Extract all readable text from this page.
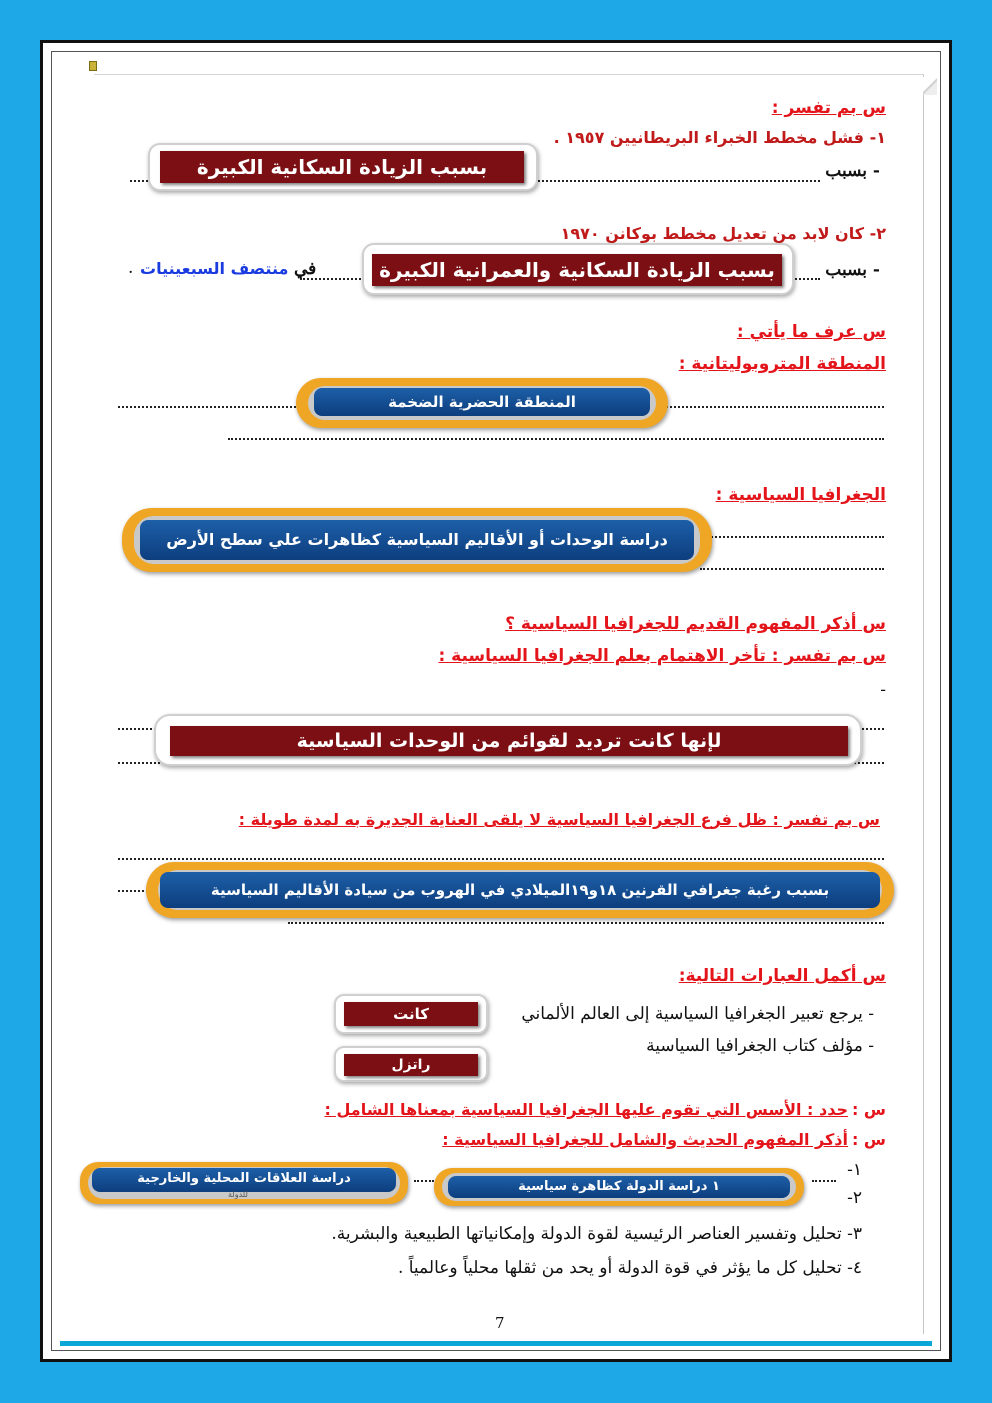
س بم تفسر :
١- فشل مخطط الخبراء البريطانيين ١٩٥٧ .
- بسبب
بسبب الزيادة السكانية الكبيرة
٢- كان لابد من تعديل مخطط بوكانن ١٩٧٠
- بسبب
. منتصف السبعينيات في	بسبب الزيادة السكانية والعمرانية الكبيرة
س عرف ما يأتي :
المنطقة المتروبوليتانية :
المنطقة الحضرية الضخمة
الجغرافيا السياسية :
دراسة الوحدات أو الأقاليم السياسية كظاهرات علي سطح الأرض
س أذكر المفهوم القديم للجغرافيا السياسية ؟
س بم تفسر : تأخر الاهتمام بعلم الجغرافيا السياسية :
-
لإنها كانت ترديد لقوائم من الوحدات السياسية
س بم تفسر : ظل فرع الجغرافيا السياسية لا يلقى العناية الجديرة به لمدة طويلة :
بسبب رغبة جغرافي القرنين ١٨و١٩الميلادي في الهروب من سيادة الأقاليم السياسية
س أكمل العبارات التالية:
- يرجع تعبير الجغرافيا السياسية إلى العالم الألماني
كانت
- مؤلف كتاب الجغرافيا السياسية
راتزل
س :
حدد : الأسس التي تقوم عليها الجغرافيا السياسية بمعناها الشامل :
س :
أذكر المفهوم الحديث والشامل للجغرافيا السياسية :
١-
١ دراسة الدولة كظاهرة سياسية
٢-
دراسة العلاقات المحلية والخارجية
للدولة
٣- تحليل وتفسير العناصر الرئيسية لقوة الدولة وإمكانياتها الطبيعية والبشرية.
٤- تحليل كل ما يؤثر في قوة الدولة أو يحد من ثقلها محلياً وعالمياً .
7
